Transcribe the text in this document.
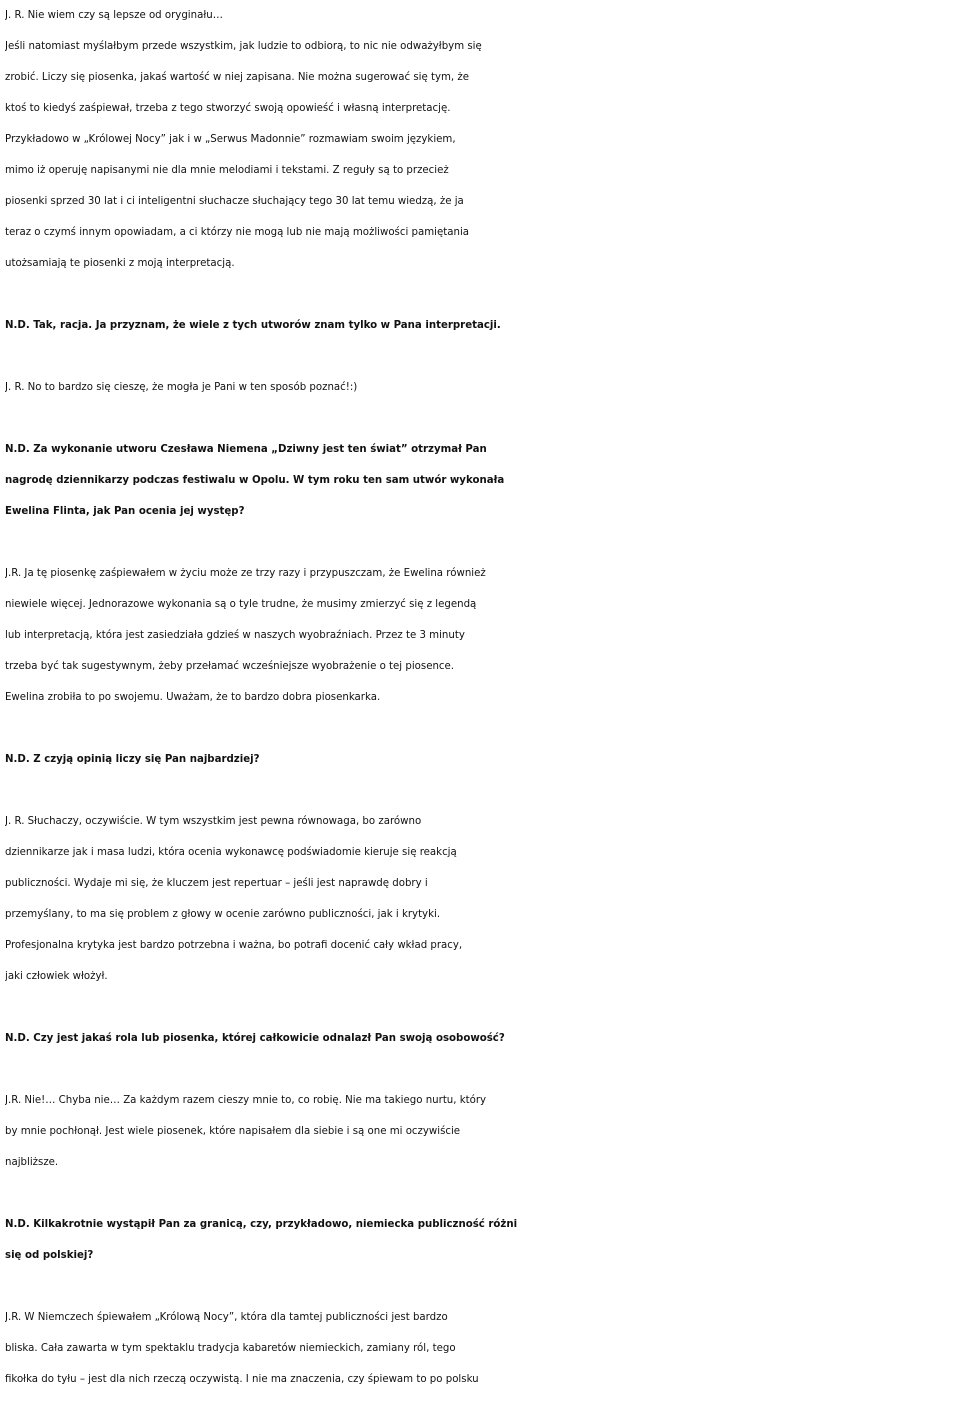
J. R. Nie wiem czy są lepsze od oryginału…
Jeśli natomiast myślałbym przede wszystkim, jak ludzie to odbiorą, to nic nie odważyłbym się
zrobić. Liczy się piosenka, jakaś wartość w niej zapisana. Nie można sugerować się tym, że
ktoś to kiedyś zaśpiewał, trzeba z tego stworzyć swoją opowieść i własną interpretację.
Przykładowo w „Królowej Nocy” jak i w „Serwus Madonnie” rozmawiam swoim językiem,
mimo iż operuję napisanymi nie dla mnie melodiami i tekstami. Z reguły są to przecież
piosenki sprzed 30 lat i ci inteligentni słuchacze słuchający tego 30 lat temu wiedzą, że ja
teraz o czymś innym opowiadam, a ci którzy nie mogą lub nie mają możliwości pamiętania
utożsamiają te piosenki z moją interpretacją.
N.D. Tak, racja. Ja przyznam, że wiele z tych utworów znam tylko w Pana interpretacji.
J. R. No to bardzo się cieszę, że mogła je Pani w ten sposób poznać!:)
N.D. Za wykonanie utworu Czesława Niemena „Dziwny jest ten świat” otrzymał Pan
nagrodę dziennikarzy podczas festiwalu w Opolu. W tym roku ten sam utwór wykonała
Ewelina Flinta, jak Pan ocenia jej występ?
J.R. Ja tę piosenkę zaśpiewałem w życiu może ze trzy razy i przypuszczam, że Ewelina również
niewiele więcej. Jednorazowe wykonania są o tyle trudne, że musimy zmierzyć się z legendą
lub interpretacją, która jest zasiedziała gdzieś w naszych wyobraźniach. Przez te 3 minuty
trzeba być tak sugestywnym, żeby przełamać wcześniejsze wyobrażenie o tej piosence.
Ewelina zrobiła to po swojemu. Uważam, że to bardzo dobra piosenkarka.
N.D. Z czyją opinią liczy się Pan najbardziej?
J. R. Słuchaczy, oczywiście. W tym wszystkim jest pewna równowaga, bo zarówno
dziennikarze jak i masa ludzi, która ocenia wykonawcę podświadomie kieruje się reakcją
publiczności. Wydaje mi się, że kluczem jest repertuar – jeśli jest naprawdę dobry i
przemyślany, to ma się problem z głowy w ocenie zarówno publiczności, jak i krytyki.
Profesjonalna krytyka jest bardzo potrzebna i ważna, bo potrafi docenić cały wkład pracy,
jaki człowiek włożył.
N.D. Czy jest jakaś rola lub piosenka, której całkowicie odnalazł Pan swoją osobowość?
J.R. Nie!… Chyba nie… Za każdym razem cieszy mnie to, co robię. Nie ma takiego nurtu, który
by mnie pochłonął. Jest wiele piosenek, które napisałem dla siebie i są one mi oczywiście
najbliższe.
N.D. Kilkakrotnie wystąpił Pan za granicą, czy, przykładowo, niemiecka publiczność różni
się od polskiej?
J.R. W Niemczech śpiewałem „Królową Nocy”, która dla tamtej publiczności jest bardzo
bliska. Cała zawarta w tym spektaklu tradycja kabaretów niemieckich, zamiany ról, tego
fikołka do tyłu – jest dla nich rzeczą oczywistą. I nie ma znaczenia, czy śpiewam to po polsku
